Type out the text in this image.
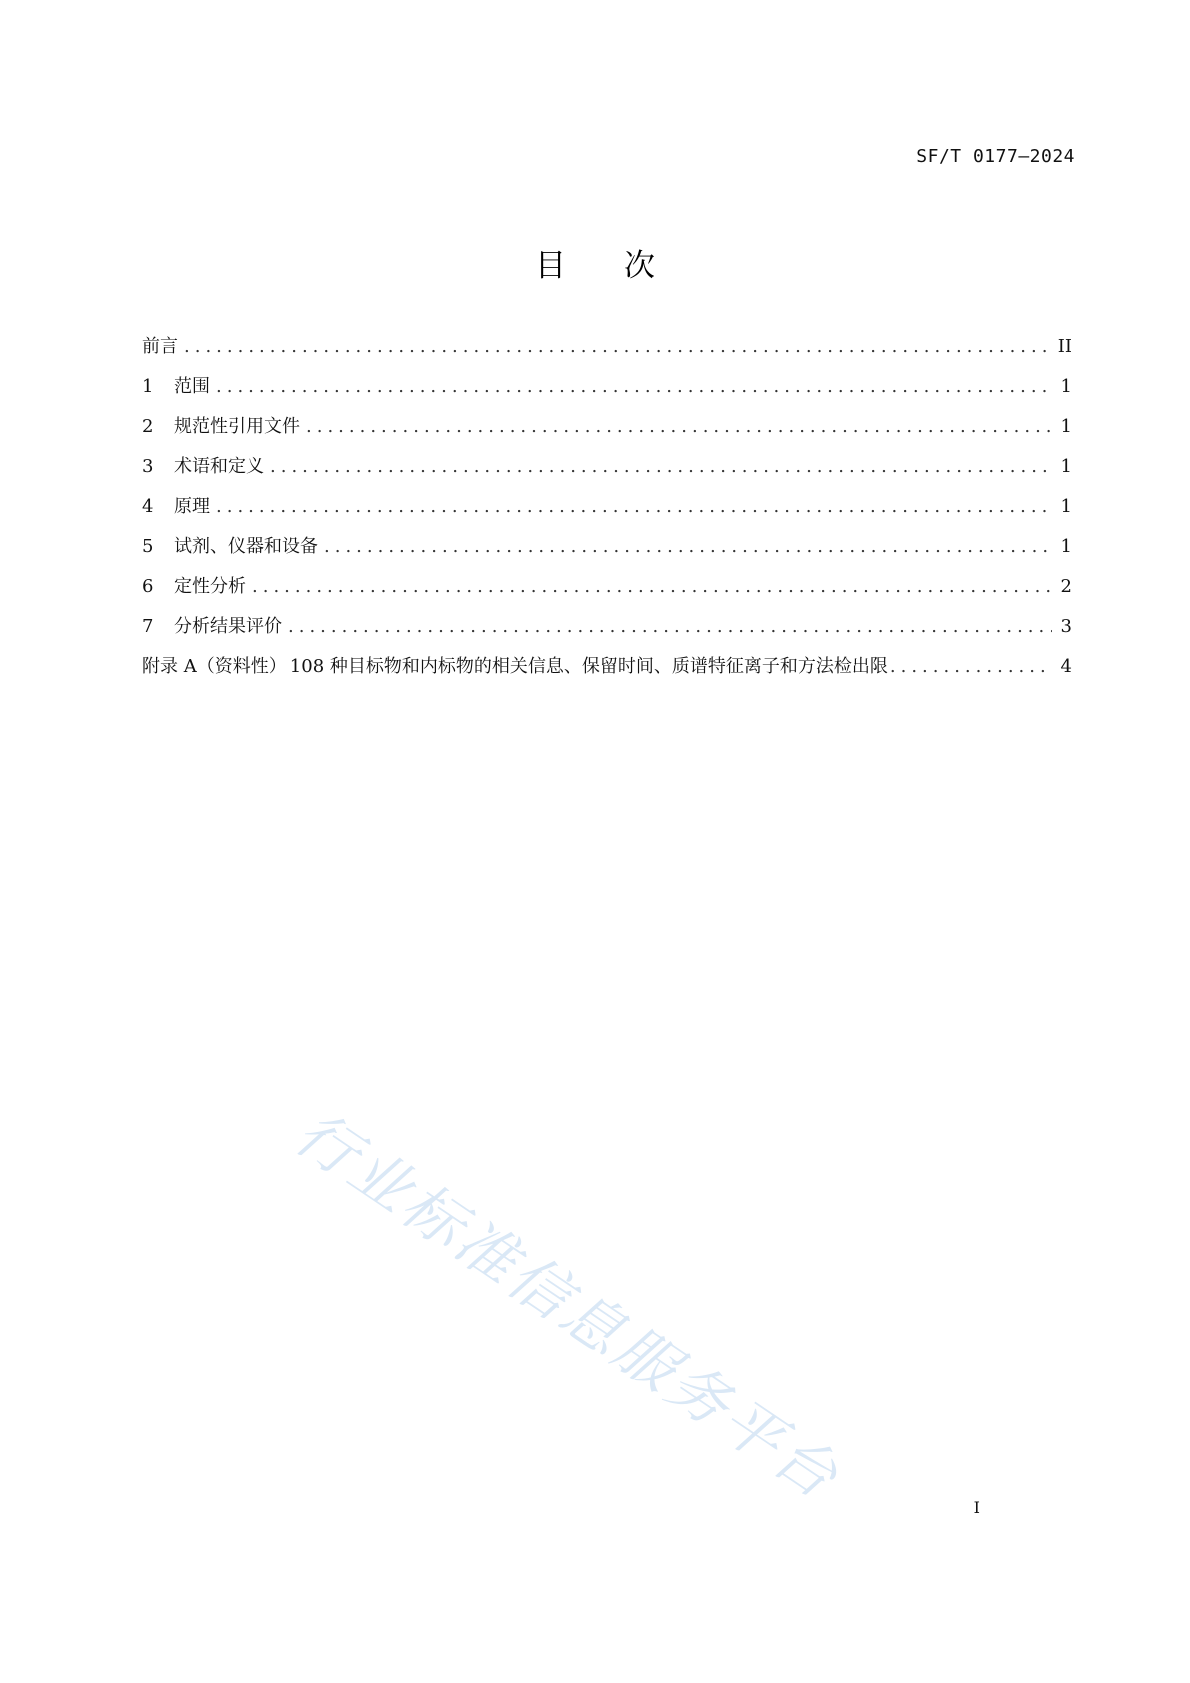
SF/T 0177—2024
目 次
前言 .....	II
1	范围 .....	1
2	规范性引用文件 .....	1
3	术语和定义 .....	1
4	原理 .....	1
5	试剂、仪器和设备 .....	1
6	定性分析 .....	2
7	分析结果评价 .....	3
附录 A（资料性） 108 种目标物和内标物的相关信息、保留时间、质谱特征离子和方法检出限 .....	4
行业标准信息服务平台	I
